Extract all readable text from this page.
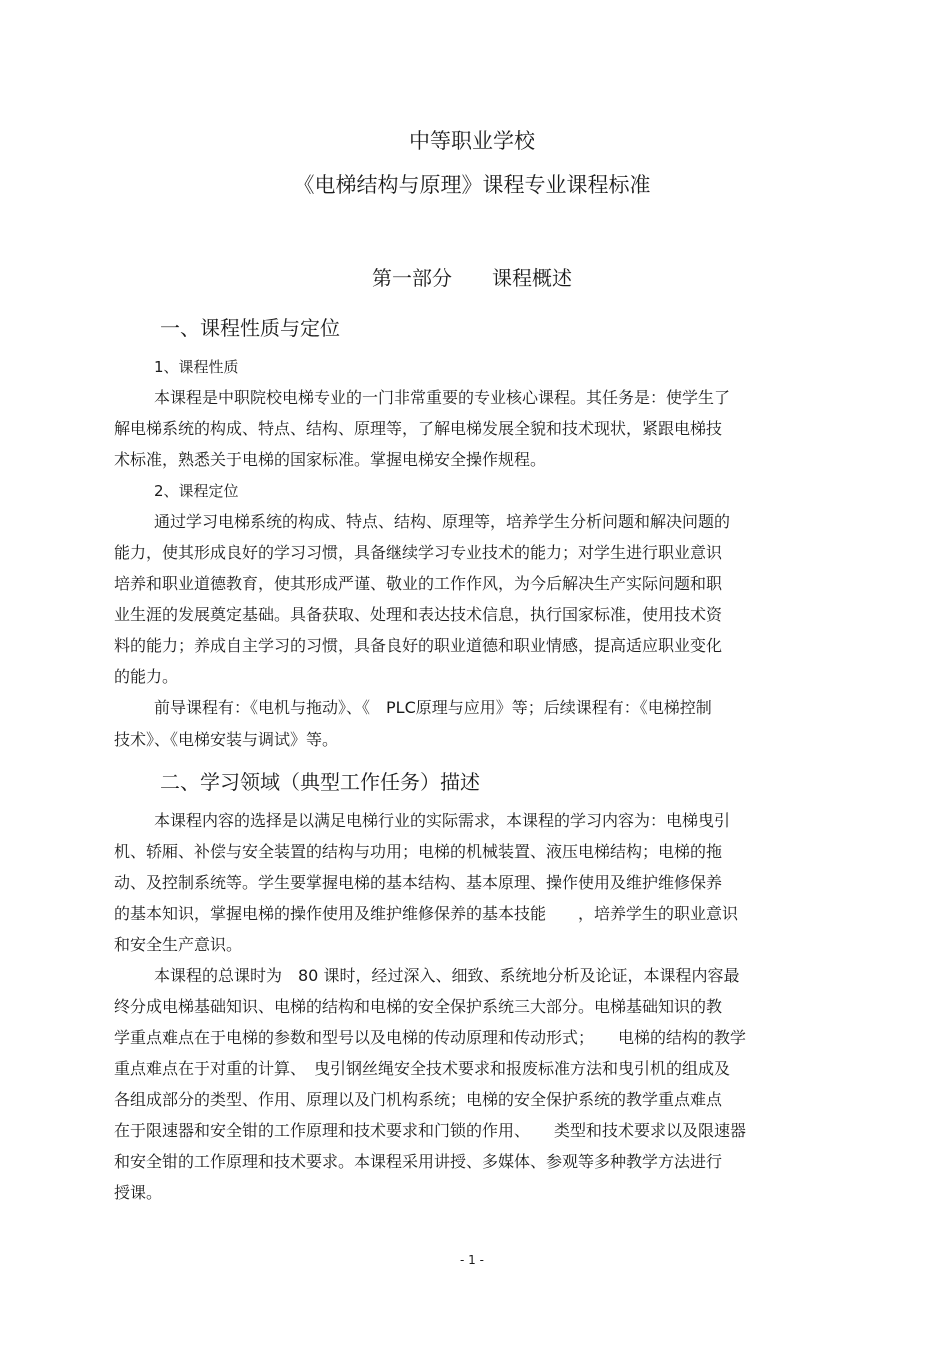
中等职业学校
《电梯结构与原理》课程专业课程标准
第一部分　　课程概述
一、课程性质与定位
1、课程性质
本课程是中职院校电梯专业的一门非常重要的专业核心课程。其任务是：使学生了
解电梯系统的构成、特点、结构、原理等，了解电梯发展全貌和技术现状，紧跟电梯技
术标准，熟悉关于电梯的国家标准。掌握电梯安全操作规程。
2、课程定位
通过学习电梯系统的构成、特点、结构、原理等，培养学生分析问题和解决问题的
能力，使其形成良好的学习习惯，具备继续学习专业技术的能力；对学生进行职业意识
培养和职业道德教育，使其形成严谨、敬业的工作作风，为今后解决生产实际问题和职
业生涯的发展奠定基础。具备获取、处理和表达技术信息，执行国家标准，使用技术资
料的能力；养成自主学习的习惯，具备良好的职业道德和职业情感，提高适应职业变化
的能力。
前导课程有：《电机与拖动》、《　PLC原理与应用》等；后续课程有：《电梯控制
技术》、《电梯安装与调试》等。
二、学习领域（典型工作任务）描述
本课程内容的选择是以满足电梯行业的实际需求，本课程的学习内容为：电梯曳引
机、轿厢、补偿与安全装置的结构与功用；电梯的机械装置、液压电梯结构；电梯的拖
动、及控制系统等。学生要掌握电梯的基本结构、基本原理、操作使用及维护维修保养
的基本知识，掌握电梯的操作使用及维护维修保养的基本技能　　，培养学生的职业意识
和安全生产意识。
本课程的总课时为　80 课时，经过深入、细致、系统地分析及论证，本课程内容最
终分成电梯基础知识、电梯的结构和电梯的安全保护系统三大部分。电梯基础知识的教
学重点难点在于电梯的参数和型号以及电梯的传动原理和传动形式；　　电梯的结构的教学
重点难点在于对重的计算、　曳引钢丝绳安全技术要求和报废标准方法和曳引机的组成及
各组成部分的类型、作用、原理以及门机构系统；电梯的安全保护系统的教学重点难点
在于限速器和安全钳的工作原理和技术要求和门锁的作用、　　类型和技术要求以及限速器
和安全钳的工作原理和技术要求。本课程采用讲授、多媒体、参观等多种教学方法进行
授课。
- 1 -
